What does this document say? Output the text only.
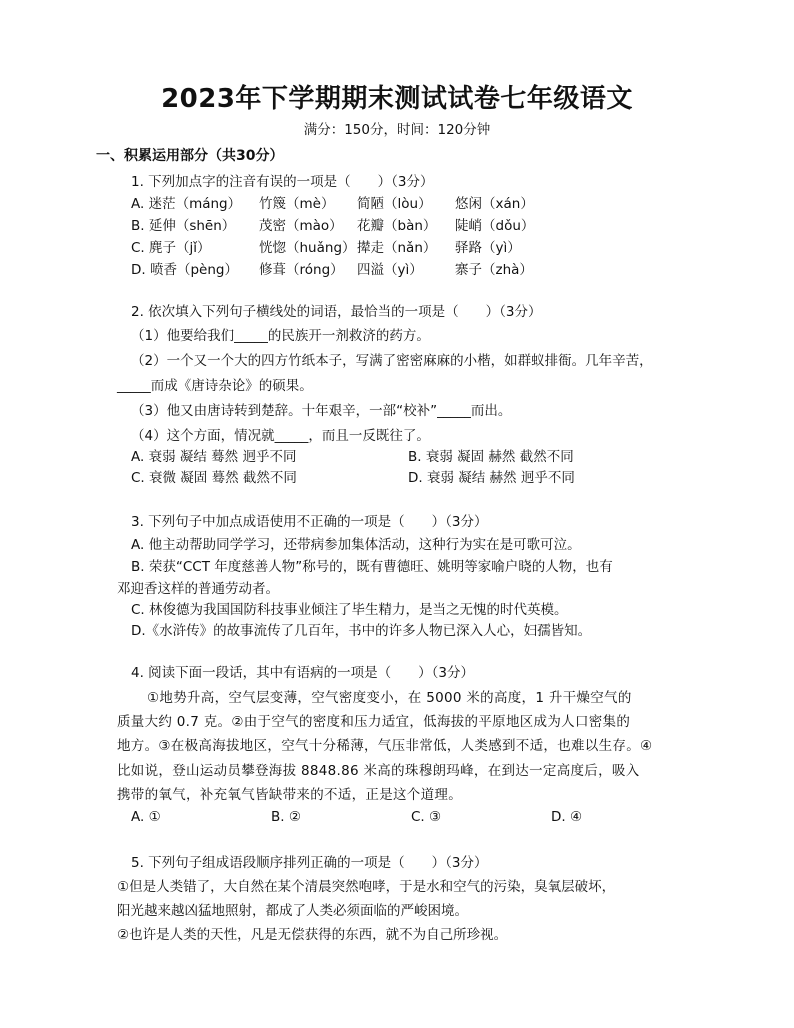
2023年下学期期末测试试卷七年级语文
满分：150分，时间：120分钟
一、积累运用部分（共30分）
1. 下列加点字的注音有误的一项是（　　）（3分）
A. 迷茫（máng） 竹篾（mè） 简陋（lòu） 悠闲（xán）
B. 延伸（shēn） 茂密（mào） 花瓣（bàn） 陡峭（dǒu）
C. 麂子（jǐ）	恍惚（huǎng）撵走（nǎn） 驿路（yì）
D. 喷香（pèng） 修葺（róng） 四溢（yì） 寨子（zhà）
2. 依次填入下列句子横线处的词语，最恰当的一项是（　　）（3分）
（1）他要给我们_____的民族开一剂救济的药方。
（2）一个又一个大的四方竹纸本子，写满了密密麻麻的小楷，如群蚁排衙。几年辛苦，
_____而成《唐诗杂论》的硕果。
（3）他又由唐诗转到楚辞。十年艰辛，一部“校补”_____而出。
（4）这个方面，情况就_____，而且一反既往了。
A. 衰弱 凝结 蓦然 迥乎不同	B. 衰弱 凝固 赫然 截然不同
C. 衰微 凝固 蓦然 截然不同	D. 衰弱 凝结 赫然 迥乎不同
3. 下列句子中加点成语使用不正确的一项是（　　）（3分）
A. 他主动帮助同学学习，还带病参加集体活动，这种行为实在是可歌可泣。
B. 荣获“CCT 年度慈善人物”称号的，既有曹德旺、姚明等家喻户晓的人物，也有
邓迎香这样的普通劳动者。
C. 林俊德为我国国防科技事业倾注了毕生精力，是当之无愧的时代英模。
D.《水浒传》的故事流传了几百年，书中的许多人物已深入人心，妇孺皆知。
4. 阅读下面一段话，其中有语病的一项是（　　）（3分）
①地势升高，空气层变薄，空气密度变小，在 5000 米的高度，1 升干燥空气的
质量大约 0.7 克。②由于空气的密度和压力适宜，低海拔的平原地区成为人口密集的
地方。③在极高海拔地区，空气十分稀薄，气压非常低，人类感到不适，也难以生存。④
比如说，登山运动员攀登海拔 8848.86 米高的珠穆朗玛峰，在到达一定高度后，吸入
携带的氧气，补充氧气皆缺带来的不适，正是这个道理。
A. ①	B. ②	C. ③	D. ④
5. 下列句子组成语段顺序排列正确的一项是（　　）（3分）
①但是人类错了，大自然在某个清晨突然咆哮，于是水和空气的污染，臭氧层破坏，
阳光越来越凶猛地照射，都成了人类必须面临的严峻困境。
②也许是人类的天性，凡是无偿获得的东西，就不为自己所珍视。
